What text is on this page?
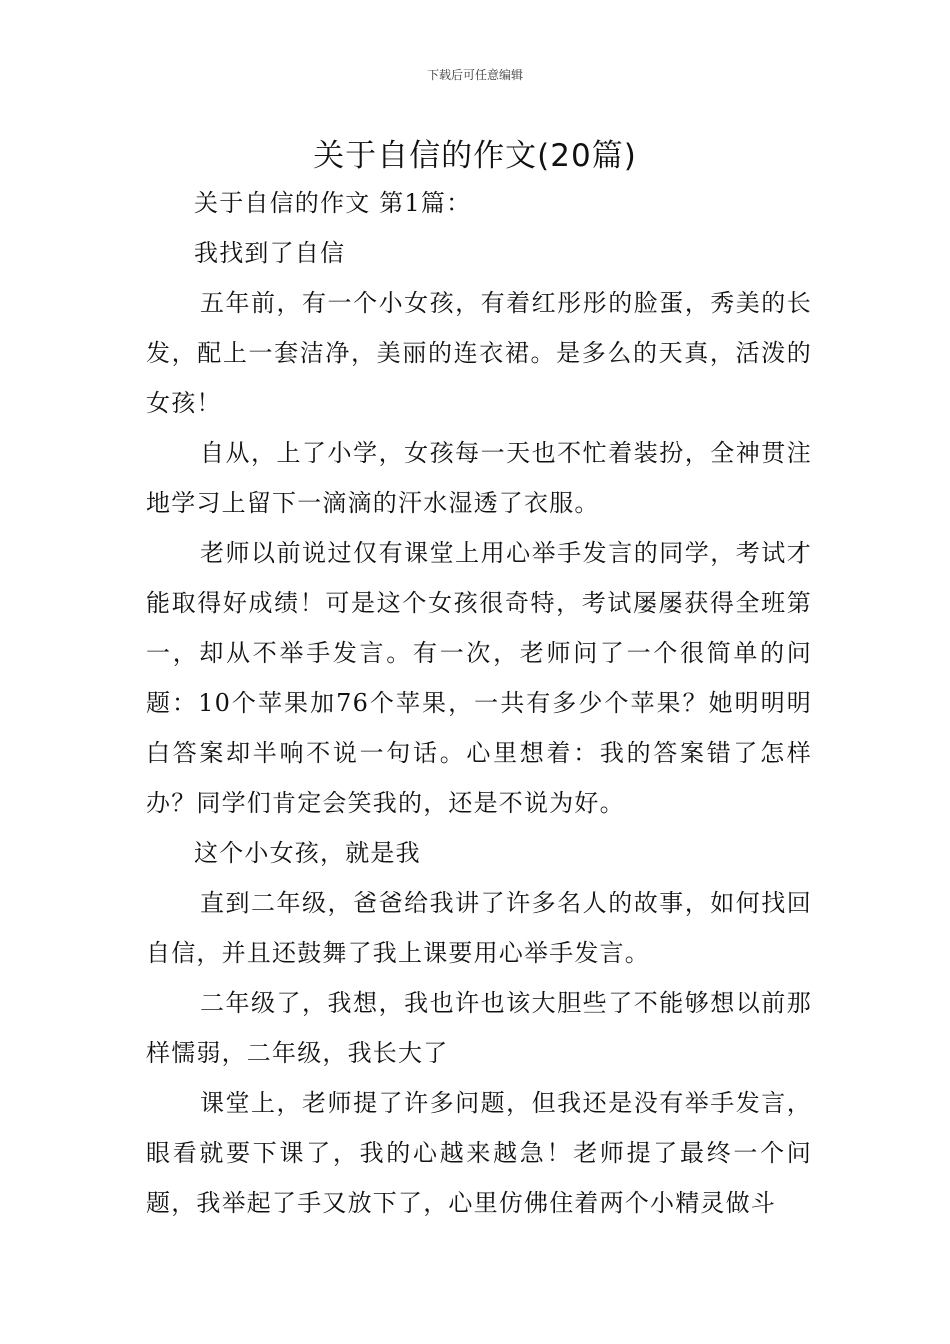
下载后可任意编辑
关于自信的作文(20篇)

关于自信的作文 第1篇：

我找到了自信

五年前，有一个小女孩，有着红彤彤的脸蛋，秀美的长发，配上一套洁净，美丽的连衣裙。是多么的天真，活泼的女孩！

自从，上了小学，女孩每一天也不忙着装扮，全神贯注地学习上留下一滴滴的汗水湿透了衣服。

老师以前说过仅有课堂上用心举手发言的同学，考试才能取得好成绩！可是这个女孩很奇特，考试屡屡获得全班第一，却从不举手发言。有一次，老师问了一个很简单的问题：10个苹果加76个苹果，一共有多少个苹果？她明明明白答案却半响不说一句话。心里想着：我的答案错了怎样办？同学们肯定会笑我的，还是不说为好。

这个小女孩，就是我

直到二年级，爸爸给我讲了许多名人的故事，如何找回自信，并且还鼓舞了我上课要用心举手发言。

二年级了，我想，我也许也该大胆些了不能够想以前那样懦弱，二年级，我长大了

课堂上，老师提了许多问题，但我还是没有举手发言，眼看就要下课了，我的心越来越急！老师提了最终一个问题，我举起了手又放下了，心里仿佛住着两个小精灵做斗
